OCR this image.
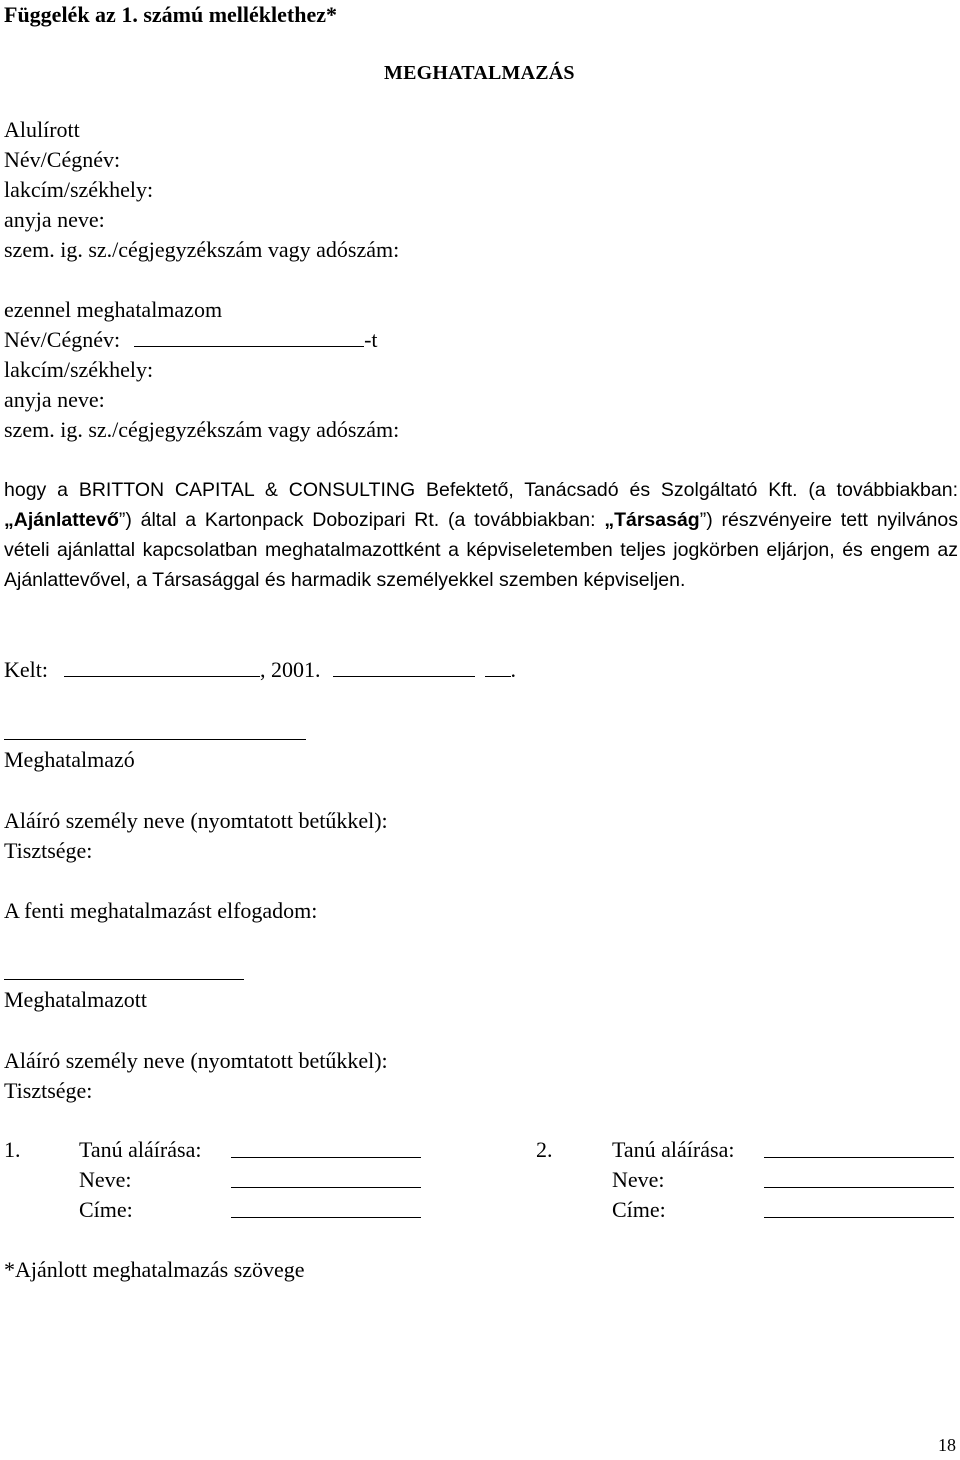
Függelék az 1. számú melléklethez*
MEGHATALMAZÁS
Alulírott
Név/Cégnév:
lakcím/székhely:
anyja neve:
szem. ig. sz./cégjegyzékszám vagy adószám:
ezennel meghatalmazom
Név/Cégnév:	-t
lakcím/székhely:
anyja neve:
szem. ig. sz./cégjegyzékszám vagy adószám:
hogy a BRITTON CAPITAL & CONSULTING Befektető, Tanácsadó és Szolgáltató Kft. (a továbbiakban: „Ajánlattevő”) által a Kartonpack Dobozipari Rt. (a továbbiakban: „Társaság”) részvényeire tett nyilvános vételi ajánlattal kapcsolatban meghatalmazottként a képviseletemben teljes jogkörben eljárjon, és engem az Ajánlattevővel, a Társasággal és harmadik személyekkel szemben képviseljen.
Kelt:	, 2001.	.
Meghatalmazó
Aláíró személy neve (nyomtatott betűkkel):
Tisztsége:
A fenti meghatalmazást elfogadom:
Meghatalmazott
Aláíró személy neve (nyomtatott betűkkel):
Tisztsége:
1.	Tanú aláírása:
Neve:
Címe:
2.	Tanú aláírása:
Neve:
Címe:
*Ajánlott meghatalmazás szövege
18
